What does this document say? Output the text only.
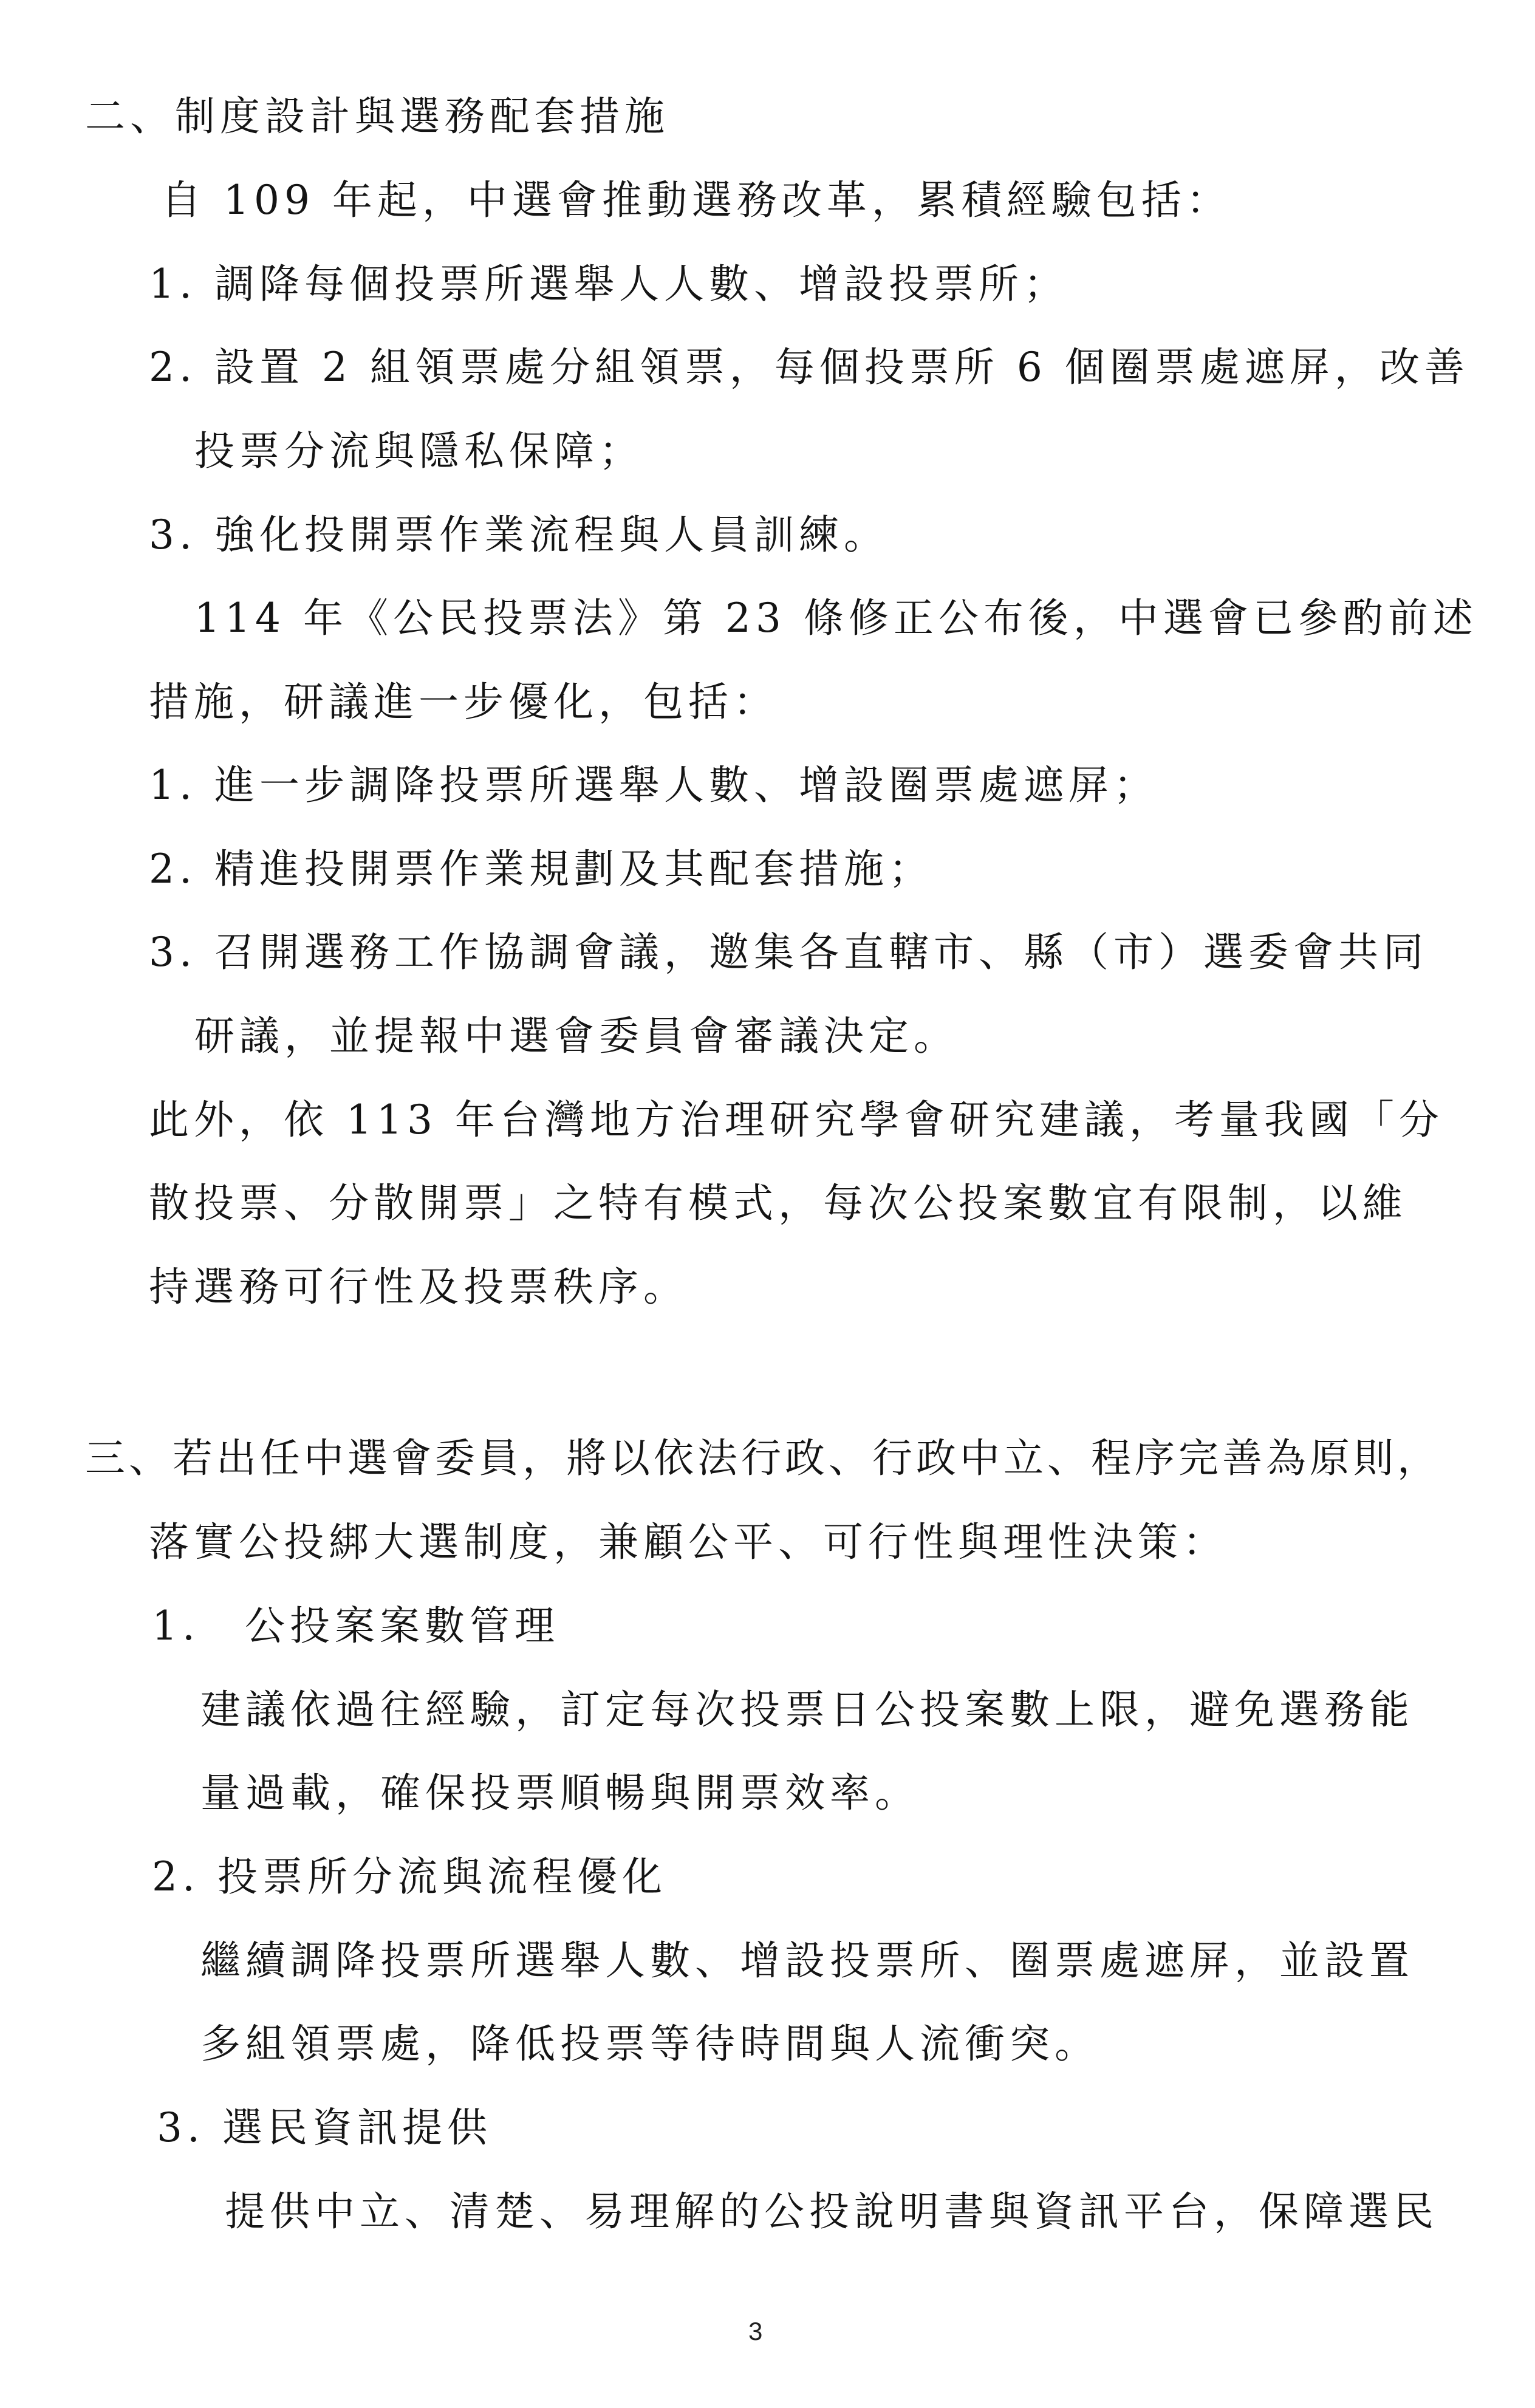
二、制度設計與選務配套措施
自 109 年起，中選會推動選務改革，累積經驗包括：
1. 調降每個投票所選舉人人數、增設投票所；
2. 設置 2 組領票處分組領票，每個投票所 6 個圈票處遮屏，改善
投票分流與隱私保障；
3. 強化投開票作業流程與人員訓練。
114 年《公民投票法》第 23 條修正公布後，中選會已參酌前述
措施，研議進一步優化，包括：
1. 進一步調降投票所選舉人數、增設圈票處遮屏；
2. 精進投開票作業規劃及其配套措施；
3. 召開選務工作協調會議，邀集各直轄市、縣（市）選委會共同
研議，並提報中選會委員會審議決定。
此外，依 113 年台灣地方治理研究學會研究建議，考量我國「分
散投票、分散開票」之特有模式，每次公投案數宜有限制，以維
持選務可行性及投票秩序。
三、若出任中選會委員，將以依法行政、行政中立、程序完善為原則，
落實公投綁大選制度，兼顧公平、可行性與理性決策：
1.　公投案案數管理
建議依過往經驗，訂定每次投票日公投案數上限，避免選務能
量過載，確保投票順暢與開票效率。
2. 投票所分流與流程優化
繼續調降投票所選舉人數、增設投票所、圈票處遮屏，並設置
多組領票處，降低投票等待時間與人流衝突。
3. 選民資訊提供
提供中立、清楚、易理解的公投說明書與資訊平台，保障選民
3
